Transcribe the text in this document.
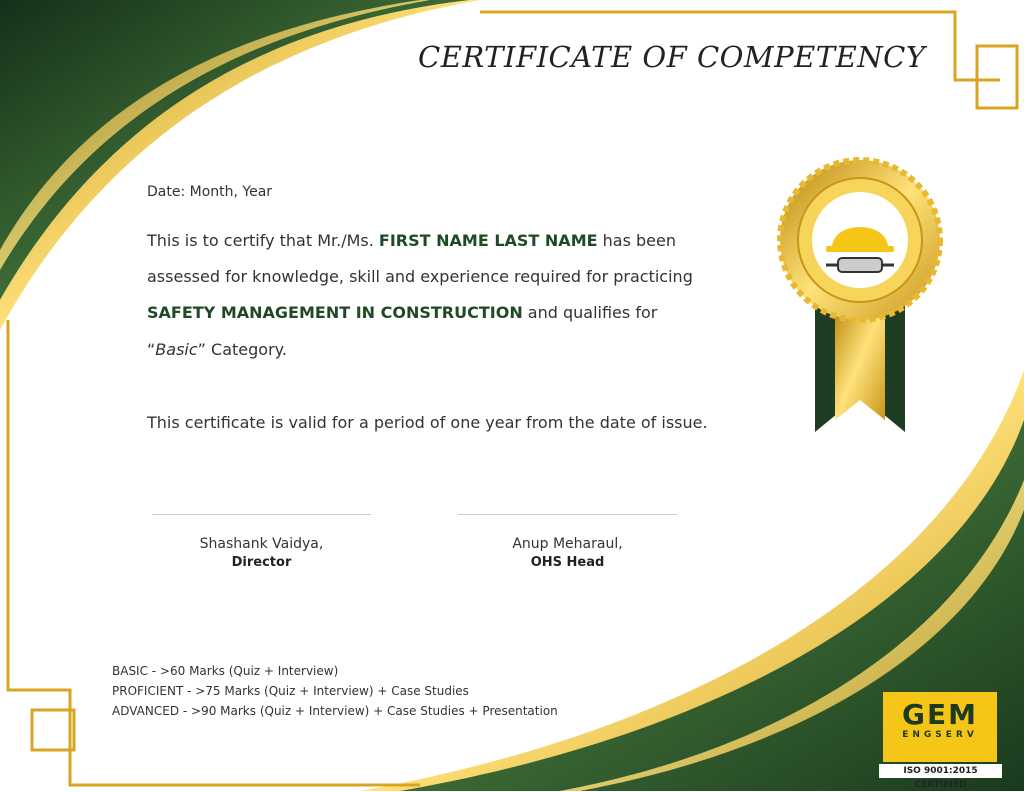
CERTIFICATE OF COMPETENCY
Date: Month, Year
This is to certify that Mr./Ms. FIRST NAME LAST NAME has been
assessed for knowledge, skill and experience required for practicing
SAFETY MANAGEMENT IN CONSTRUCTION and qualifies for
“Basic” Category.
This certificate is valid for a period of one year from the date of issue.
Shashank Vaidya,
Director
Anup Meharaul,
OHS Head
BASIC - >60 Marks (Quiz + Interview)
PROFICIENT - >75 Marks (Quiz + Interview) + Case Studies
ADVANCED - >90 Marks (Quiz + Interview) + Case Studies + Presentation	GEM
ENGSERV
ISO 9001:2015 CERTIFIED
